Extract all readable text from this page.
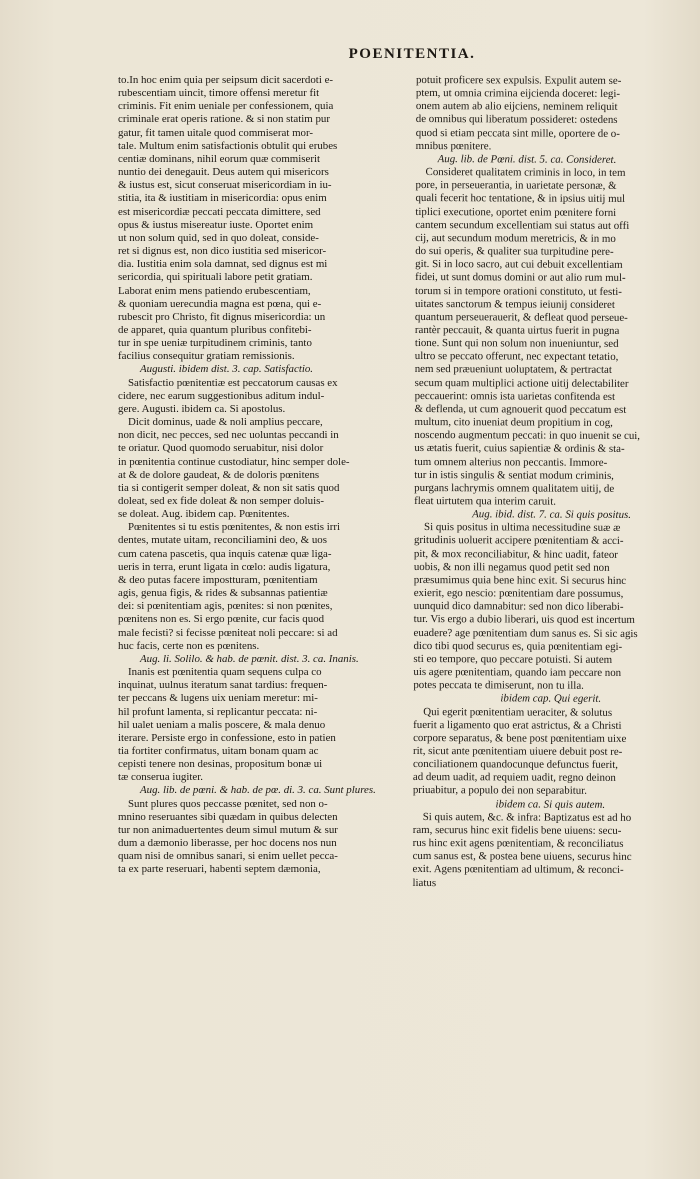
POENITENTIA.

to.In hoc enim quia per seipsum dicit sacerdoti e-

rubescentiam uincit, timore offensi meretur fit

criminis. Fit enim ueniale per confessionem, quia

criminale erat operis ratione. & si non statim pur

gatur, fit tamen uitale quod commiserat mor-

tale. Multum enim satisfactionis obtulit qui erubes

centiæ dominans, nihil eorum quæ commiserit

nuntio dei denegauit. Deus autem qui misericors

& iustus est, sicut conseruat misericordiam in iu-

stitia, ita & iustitiam in misericordia: opus enim

est misericordiæ peccati peccata dimittere, sed

opus & iustus misereatur iuste. Oportet enim

ut non solum quid, sed in quo doleat, conside-

ret si dignus est, non dico iustitia sed misericor-

dia. Iustitia enim sola damnat, sed dignus est mi

sericordia, qui spirituali labore petit gratiam.

Laborat enim mens patiendo erubescentiam,

& quoniam uerecundia magna est pœna, qui e-

rubescit pro Christo, fit dignus misericordia: un

de apparet, quia quantum pluribus confitebi-

tur in spe ueniæ turpitudinem criminis, tanto

facilius consequitur gratiam remissionis.

Augusti. ibidem dist. 3. cap. Satisfactio.

Satisfactio pœnitentiæ est peccatorum causas ex

cidere, nec earum suggestionibus aditum indul-

gere. Augusti. ibidem ca. Si apostolus.

Dicit dominus, uade & noli amplius peccare,

non dicit, nec pecces, sed nec uoluntas peccandi in

te oriatur. Quod quomodo seruabitur, nisi dolor

in pœnitentia continue custodiatur, hinc semper dole-

at & de dolore gaudeat, & de doloris pœnitens

tia si contigerit semper doleat, & non sit satis quod

doleat, sed ex fide doleat & non semper doluis-

se doleat. Aug. ibidem cap. Pœnitentes.

Pœnitentes si tu estis pœnitentes, & non estis irri

dentes, mutate uitam, reconciliamini deo, & uos

cum catena pascetis, qua inquis catenæ quæ liga-

ueris in terra, erunt ligata in cœlo: audis ligatura,

& deo putas facere impostturam, pœnitentiam

agis, genua figis, & rides & subsannas patientiæ

dei: si pœnitentiam agis, pœnites: si non pœnites,

pœnitens non es. Si ergo pœnite, cur facis quod

male fecisti? si fecisse pœniteat noli peccare: si ad

huc facis, certe non es pœnitens.

Aug. li. Solilo. & hab. de pœnit. dist. 3. ca. Inanis.

Inanis est pœnitentia quam sequens culpa co

inquinat, uulnus iteratum sanat tardius: frequen-

ter peccans & lugens uix ueniam meretur: mi-

hil profunt lamenta, si replicantur peccata: ni-

hil ualet ueniam a malis poscere, & mala denuo

iterare. Persiste ergo in confessione, esto in patien

tia fortiter confirmatus, uitam bonam quam ac

cepisti tenere non desinas, propositum bonæ ui

tæ conserua iugiter.

Aug. lib. de pœni. & hab. de pœ. di. 3. ca. Sunt plures.

Sunt plures quos peccasse pœnitet, sed non o-

mnino reseruantes sibi quædam in quibus delecten

tur non animaduertentes deum simul mutum & sur

dum a dæmonio liberasse, per hoc docens nos nun

quam nisi de omnibus sanari, si enim uellet pecca-

ta ex parte reseruari, habenti septem dæmonia,

potuit proficere sex expulsis. Expulit autem se-

ptem, ut omnia crimina eijcienda doceret: legi-

onem autem ab alio eijciens, neminem reliquit

de omnibus qui liberatum possideret: ostedens

quod si etiam peccata sint mille, oportere de o-

mnibus pœnitere.

Aug. lib. de Pœni. dist. 5. ca. Consideret.

Consideret qualitatem criminis in loco, in tem

pore, in perseuerantia, in uarietate personæ, &

quali fecerit hoc tentatione, & in ipsius uitij mul

tiplici executione, oportet enim pœnitere forni

cantem secundum excellentiam sui status aut offi

cij, aut secundum modum meretricis, & in mo

do sui operis, & qualiter sua turpitudine pere-

git. Si in loco sacro, aut cui debuit excellentiam

fidei, ut sunt domus domini or aut alio rum mul-

torum si in tempore orationi constituto, ut festi-

uitates sanctorum & tempus ieiunij consideret

quantum perseuerauerit, & defleat quod perseue-

rantèr peccauit, & quanta uirtus fuerit in pugna

tione. Sunt qui non solum non inueniuntur, sed

ultro se peccato offerunt, nec expectant tetatio,

nem sed præueniunt uoluptatem, & pertractat

secum quam multiplici actione uitij delectabiliter

peccauerint: omnis ista uarietas confitenda est

& deflenda, ut cum agnouerit quod peccatum est

multum, cito inueniat deum propitium in cog,

noscendo augmentum peccati: in quo inuenit se cui,

us ætatis fuerit, cuius sapientiæ & ordinis & sta-

tum omnem alterius non peccantis. Immore-

tur in istis singulis & sentiat modum criminis,

purgans lachrymis omnem qualitatem uitij, de

fleat uirtutem qua interim caruit.

Aug. ibid. dist. 7. ca. Si quis positus.

Si quis positus in ultima necessitudine suæ æ

gritudinis uoluerit accipere pœnitentiam & acci-

pit, & mox reconciliabitur, & hinc uadit, fateor

uobis, & non illi negamus quod petit sed non

præsumimus quia bene hinc exit. Si securus hinc

exierit, ego nescio: pœnitentiam dare possumus,

uunquid dico damnabitur: sed non dico liberabi-

tur. Vis ergo a dubio liberari, uis quod est incertum

euadere? age pœnitentiam dum sanus es. Si sic agis

dico tibi quod securus es, quia pœnitentiam egi-

sti eo tempore, quo peccare potuisti. Si autem

uis agere pœnitentiam, quando iam peccare non

potes peccata te dimiserunt, non tu illa.

ibidem cap. Qui egerit.

Qui egerit pœnitentiam ueraciter, & solutus

fuerit a ligamento quo erat astrictus, & a Christi

corpore separatus, & bene post pœnitentiam uixe

rit, sicut ante pœnitentiam uiuere debuit post re-

conciliationem quandocunque defunctus fuerit,

ad deum uadit, ad requiem uadit, regno deinon

priuabitur, a populo dei non separabitur.

ibidem ca. Si quis autem.

Si quis autem, &c. & infra: Baptizatus est ad ho

ram, securus hinc exit fidelis bene uiuens: secu-

rus hinc exit agens pœnitentiam, & reconciliatus

cum sanus est, & postea bene uiuens, securus hinc

exit. Agens pœnitentiam ad ultimum, & reconci-

liatus
